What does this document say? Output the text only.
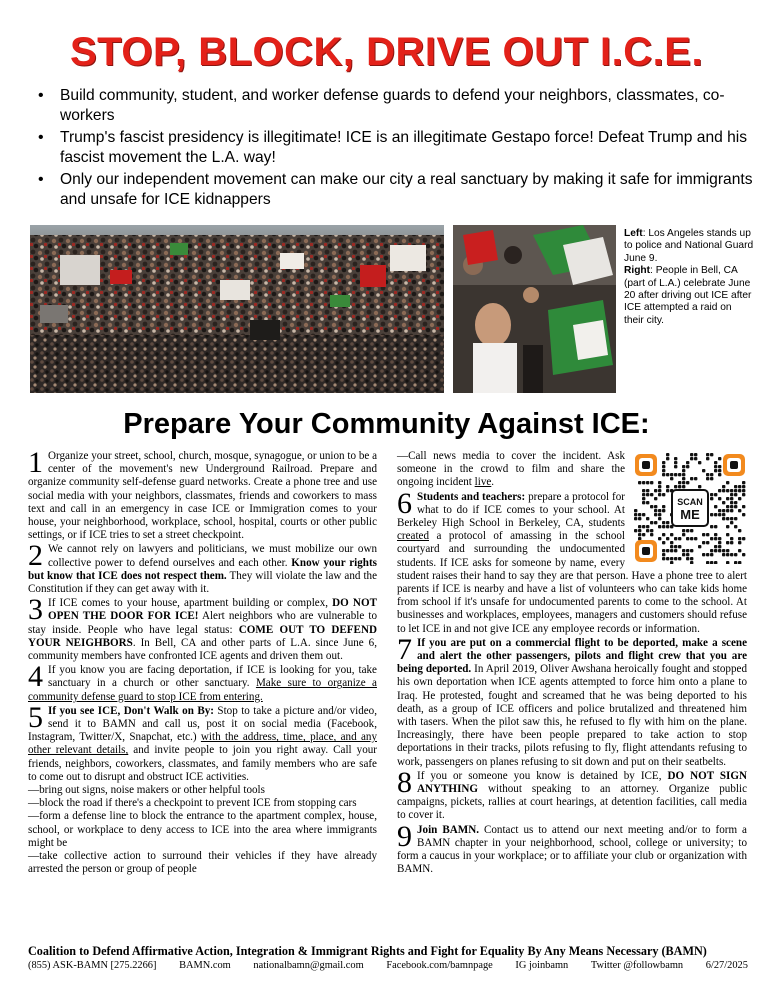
STOP, BLOCK, DRIVE OUT I.C.E.
• Build community, student, and worker defense guards to defend your neighbors, classmates, co-workers
• Trump's fascist presidency is illegitimate! ICE is an illegitimate Gestapo force! Defeat Trump and his fascist movement the L.A. way!
• Only our independent movement can make our city a real sanctuary by making it safe for immigrants and unsafe for ICE kidnappers
Left: Los Angeles stands up to police and National Guard June 9.
Right: People in Bell, CA (part of L.A.) celebrate June 20 after driving out ICE after ICE attempted a raid on their city.
Prepare Your Community Against ICE:
1 Organize your street, school, church, mosque, synagogue, or union to be a center of the movement's new Underground Railroad. Prepare and organize community self-defense guard networks. Create a phone tree and use social media with your neighbors, classmates, friends and coworkers to mass text and call in an emergency in case ICE or Immigration comes to your house, your neighborhood, workplace, school, hospital, courts or other public settings, or if ICE tries to set a street checkpoint.
2 We cannot rely on lawyers and politicians, we must mobilize our own collective power to defend ourselves and each other. Know your rights but know that ICE does not respect them. They will violate the law and the Constitution if they can get away with it.
3 If ICE comes to your house, apartment building or complex, DO NOT OPEN THE DOOR FOR ICE! Alert neighbors who are vulnerable to stay inside. People who have legal status: COME OUT TO DEFEND YOUR NEIGHBORS. In Bell, CA and other parts of L.A. since June 6, community members have confronted ICE agents and driven them out.
4 If you know you are facing deportation, if ICE is looking for you, take sanctuary in a church or other sanctuary. Make sure to organize a community defense guard to stop ICE from entering.
5 If you see ICE, Don't Walk on By: Stop to take a picture and/or video, send it to BAMN and call us, post it on social media (Facebook, Instagram, Twitter/X, Snapchat, etc.) with the address, time, place, and any other relevant details, and invite people to join you right away. Call your friends, neighbors, coworkers, classmates, and family members who are safe to come out to disrupt and obstruct ICE activities.
—bring out signs, noise makers or other helpful tools
—block the road if there's a checkpoint to prevent ICE from stopping cars
—form a defense line to block the entrance to the apartment complex, house, school, or workplace to deny access to ICE into the area where immigrants might be
—take collective action to surround their vehicles if they have already arrested the person or group of people
SCAN
ME
—Call news media to cover the incident. Ask someone in the crowd to film and share the ongoing incident live.
6 Students and teachers: prepare a protocol for what to do if ICE comes to your school. At Berkeley High School in Berkeley, CA, students created a protocol of amassing in the school courtyard and surrounding the undocumented students. If ICE asks for someone by name, every student raises their hand to say they are that person. Have a phone tree to alert parents if ICE is nearby and have a list of volunteers who can take kids home from school if it's unsafe for undocumented parents to come to the school. At businesses and workplaces, employees, managers and customers should refuse to let ICE in and not give ICE any employee records or information.
7 If you are put on a commercial flight to be deported, make a scene and alert the other passengers, pilots and flight crew that you are being deported. In April 2019, Oliver Awshana heroically fought and stopped his own deportation when ICE agents attempted to force him onto a plane to Iraq. He protested, fought and screamed that he was being deported to his death, as a group of ICE officers and police brutalized and threatened him with tasers. When the pilot saw this, he refused to fly with him on the plane. Increasingly, there have been people prepared to take action to stop deportations in their tracks, pilots refusing to fly, flight attendants refusing to work, passengers on planes refusing to sit down and put on their seatbelts.
8 If you or someone you know is detained by ICE, DO NOT SIGN ANYTHING without speaking to an attorney. Organize public campaigns, pickets, rallies at court hearings, at detention facilities, call media to cover it.
9 Join BAMN. Contact us to attend our next meeting and/or to form a BAMN chapter in your neighborhood, school, college or university; to form a caucus in your workplace; or to affiliate your club or organization with BAMN.
Coalition to Defend Affirmative Action, Integration & Immigrant Rights and Fight for Equality By Any Means Necessary (BAMN)
(855) ASK-BAMN [275.2266] BAMN.com nationalbamn@gmail.com Facebook.com/bamnpage IG joinbamn Twitter @followbamn 6/27/2025
